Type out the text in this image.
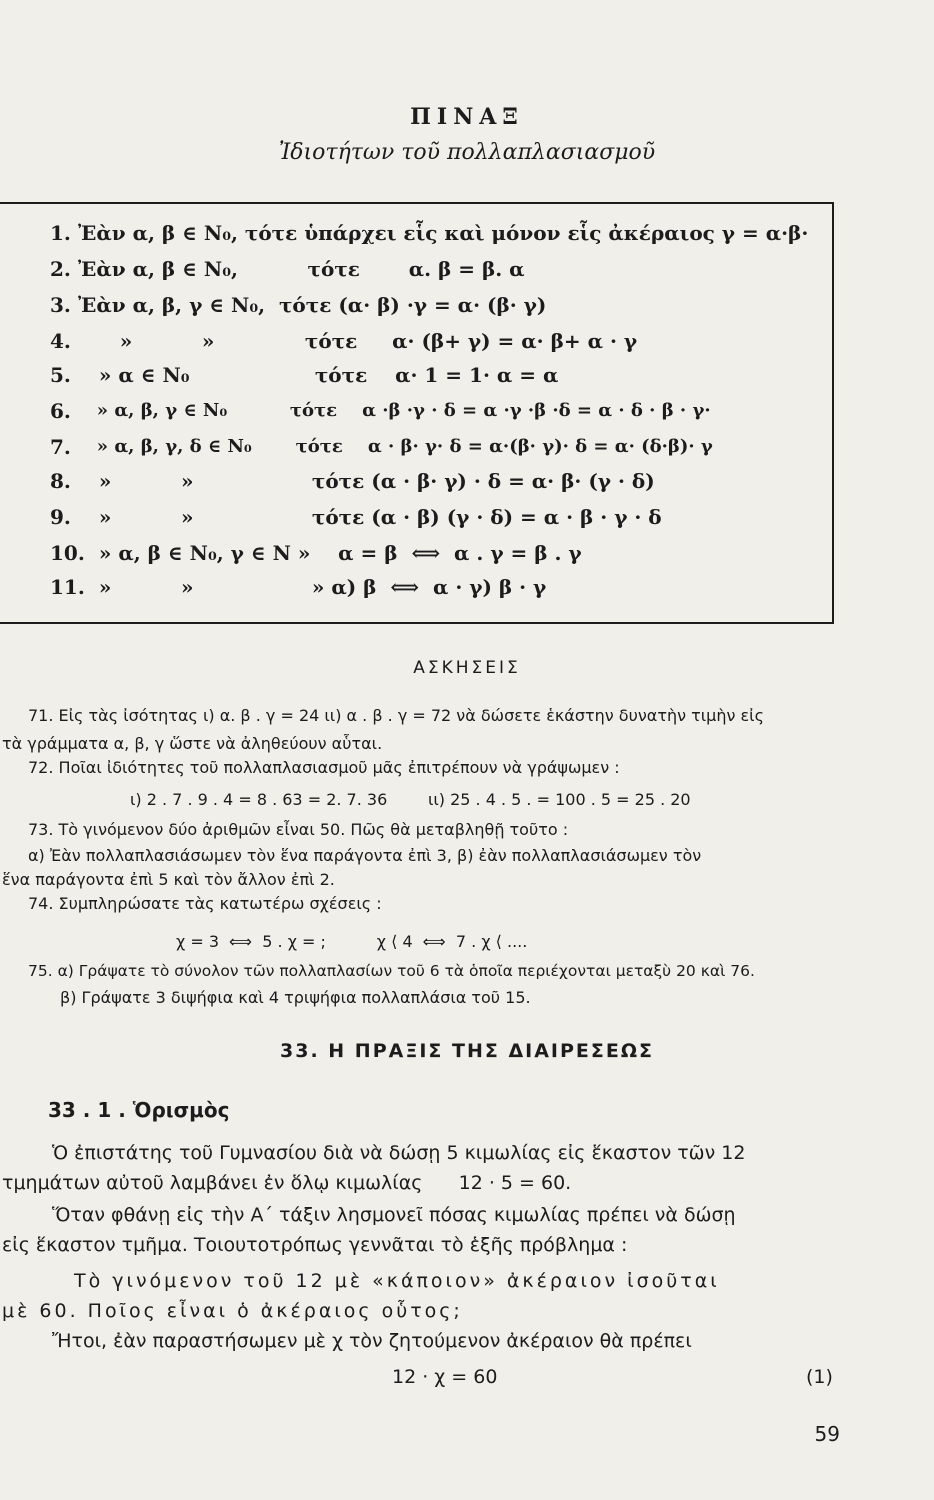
ΠΙΝΑΞ
Ἰδιοτήτων τοῦ πολλαπλασιασμοῦ
1. Ἐὰν α, β ∈ N₀, τότε ὑπάρχει εἷς καὶ μόνον εἷς ἀκέραιος γ = α·β·
2. Ἐὰν α, β ∈ N₀,          τότε       α. β = β. α
3. Ἐὰν α, β, γ ∈ N₀,  τότε (α· β) ·γ = α· (β· γ)
4. »          »             τότε     α· (β+ γ) = α· β+ α · γ
5. » α ∈ N₀                  τότε    α· 1 = 1· α = α
6. » α, β, γ ∈ N₀          τότε    α ·β ·γ · δ = α ·γ ·β ·δ = α · δ · β · γ·
7. » α, β, γ, δ ∈ N₀       τότε    α · β· γ· δ = α·(β· γ)· δ = α· (δ·β)· γ
8. »          »                 τότε (α · β· γ) · δ = α· β· (γ · δ)
9. »          »                 τότε (α · β) (γ · δ) = α · β · γ · δ
10.
» α, β ∈ N₀, γ ∈ N »    α = β  ⟺  α . γ = β . γ
11.
»          »                 » α) β  ⟺  α · γ) β · γ
ΑΣΚΗΣΕΙΣ
71. Εἰς τὰς ἰσότητας ι) α. β . γ = 24 ιι) α . β . γ = 72 νὰ δώσετε ἑκάστην δυνατὴν τιμὴν εἰς
τὰ γράμματα α, β, γ ὥστε νὰ ἀληθεύουν αὗται.
72. Ποῖαι ἰδιότητες τοῦ πολλαπλασιασμοῦ μᾶς ἐπιτρέπουν νὰ γράψωμεν :
ι) 2 . 7 . 9 . 4 = 8 . 63 = 2. 7. 36        ιι) 25 . 4 . 5 . = 100 . 5 = 25 . 20
73. Τὸ γινόμενον δύο ἀριθμῶν εἶναι 50. Πῶς θὰ μεταβληθῇ τοῦτο :
α) Ἐὰν πολλαπλασιάσωμεν τὸν ἕνα παράγοντα ἐπὶ 3, β) ἐὰν πολλαπλασιάσωμεν τὸν
ἕνα παράγοντα ἐπὶ 5 καὶ τὸν ἄλλον ἐπὶ 2.
74. Συμπληρώσατε τὰς κατωτέρω σχέσεις :
χ = 3  ⟺  5 . χ = ;          χ ⟨ 4  ⟺  7 . χ ⟨ ....
75. α) Γράψατε τὸ σύνολον τῶν πολλαπλασίων τοῦ 6 τὰ ὁποῖα περιέχονται μεταξὺ 20 καὶ 76.
β) Γράψατε 3 διψήφια καὶ 4 τριψήφια πολλαπλάσια τοῦ 15.
33. Η ΠΡΑΞΙΣ ΤΗΣ ΔΙΑΙΡΕΣΕΩΣ
33 . 1 . Ὁρισμὸς
Ὁ ἐπιστάτης τοῦ Γυμνασίου διὰ νὰ δώσῃ 5 κιμωλίας εἰς ἕκαστον τῶν 12
τμημάτων αὐτοῦ λαμβάνει ἐν ὅλῳ κιμωλίας      12 · 5 = 60.
Ὅταν φθάνῃ εἰς τὴν Α΄ τάξιν λησμονεῖ πόσας κιμωλίας πρέπει νὰ δώσῃ
εἰς ἕκαστον τμῆμα. Τοιουτοτρόπως γεννᾶται τὸ ἑξῆς πρόβλημα :
Τὸ γινόμενον τοῦ 12 μὲ «κάποιον» ἀκέραιον ἰσοῦται
μὲ 60. Ποῖος εἶναι ὁ ἀκέραιος οὗτος;
Ἤτοι, ἐὰν παραστήσωμεν μὲ χ τὸν ζητούμενον ἀκέραιον θὰ πρέπει
12 · χ = 60	(1)
59
